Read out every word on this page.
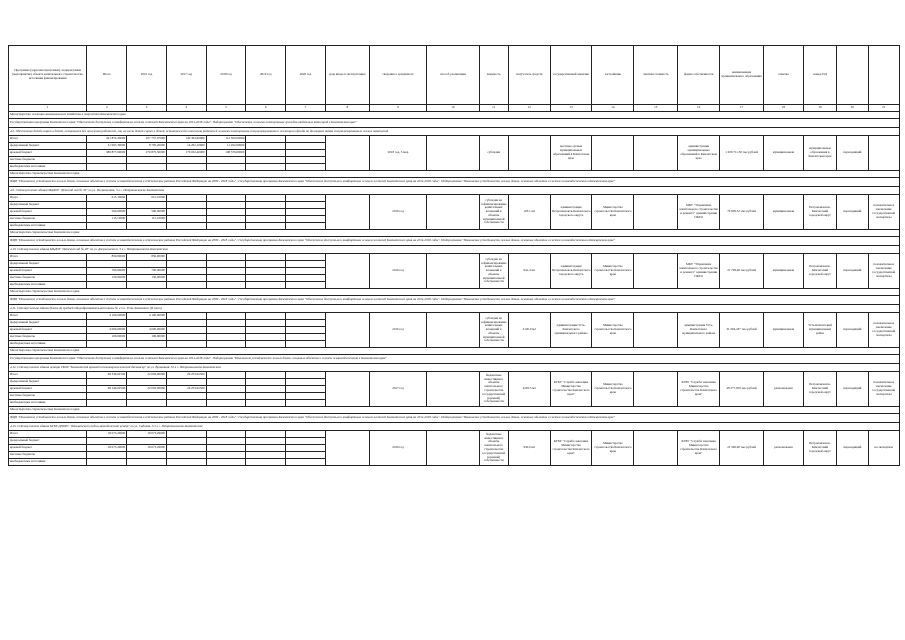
Программа (адресная программа), подпрограмма (мероприятие) объекта капитального строительства, источники финансирования	Итого	2016 год	2017 год	2018 год	2019 год	2020 год	срок ввода в эксплуатацию	сведения о документах	способ реализации	мощность	получатель средств	государственный заказчик	застройщик	сметная стоимость	форма собственности	наименование муниципального образования	отметка	номер ПД		
1	2	3	4	5	6	7	8	9	10	11	12	13	14	15	16	17	18	19	20	21
Министерство жилищно-коммунального хозяйства и энергетики Камчатского края																				
Государственная программа Камчатского края "Обеспечение доступным и комфортным жильем жителей Камчатского края на 2014-2018 годы". Подпрограмма "Обеспечение жилыми помещениями граждан отдельных категорий в Камчатском крае"																				
4.2. Обеспечение детей-сирот и детей, оставшихся без попечения родителей, лиц из числа детей-сирот и детей, оставшихся без попечения родителей жилыми помещениями специализированного жилищного фонда по договорам найма специализированных жилых помещений																				
Итого	421 874,20000	267 757,07000	140 394,60000	112 300,00000				2018 год, 5 мкр		субсидия		местные органы муниципальных образований в Камчатском крае			администрации муниципальных образований в Камчатском крае	1 209 711,50 тыс.рублей	муниципальная	муниципальные образования в Камчатском крае	переходящий	
федеральный бюджет	31 997,30000	8 795,20000	14 202,10000	11 292,00000																
краевой бюджет	389 877,90000	270 875,50000	176 032,40000	108 576,00000																
местные бюджеты																				
внебюджетные источники																				
Министерство строительства Камчатского края																				
ФЦП "Повышение устойчивости жилых домов, основных объектов и систем жизнеобеспечения в сейсмических районах Российской Федерации на 2009 - 2018 годы" / Государственная программа Камчатского края "Обеспечение доступным и комфортным жильем жителей Камчатского края на 2014-2018 годы". Подпрограмма "Повышение устойчивости жилых домов, основных объектов и систем жизнеобеспечения в Камчатском крае"																				
4.9. Сейсмоусиление здания МАДОУ "Детский сад № 32" по ул. Пограничная, 5 в г. Петропавловске-Камчатском																				
Итого	615,10000	615,10000						2016 год		субсидия на софинансирование капитальных вложений в объекты муниципальной собственности	1031, м2	администрация Петропавловск-Камчатского городского округа	Министерство строительства Камчатского края		МКУ "Управление капитального строительства и ремонта" администрации ПКГО	76 909,52 тыс.рублей	муниципальная	Петропавловск-Камчатский городской округ	переходящий	положительное заключение государственной экспертизы
федеральный бюджет																				
краевой бюджет	500,00000	500,00000																		
местные бюджеты	115,10000	115,10000																		
внебюджетные источники																				
Министерство строительства Камчатского края																				
ФЦП "Повышение устойчивости жилых домов, основных объектов и систем жизнеобеспечения в сейсмических районах Российской Федерации на 2009 - 2018 годы" / Государственная программа Камчатского края "Обеспечение доступным и комфортным жильем жителей Камчатского края на 2014-2018 годы". Подпрограмма "Повышение устойчивости жилых домов, основных объектов и систем жизнеобеспечения в Камчатском крае"																				
4.10. Сейсмоусиление здания МАДОУ "Детский сад № 28" по ул. Дзержинского, 5 в г. Петропавловске-Камчатском																				
Итого	850,00000	850,00000						2016 год		субсидия на софинансирование капитальных вложений в объекты муниципальной собственности	941,4 м2	администрация Петропавловск-Камчатского городского округа	Министерство строительства Камчатского края		МКУ "Управление капитального строительства и ремонта" администрации ПКГО	21 799,66 тыс.рублей	муниципальная	Петропавловск-Камчатский городской округ	переходящий	положительное заключение государственной экспертизы
федеральный бюджет																				
краевой бюджет	700,00000	700,00000																		
местные бюджеты	150,00000	150,00000																		
внебюджетные источники																				
Министерство строительства Камчатского края																				
ФЦП "Повышение устойчивости жилых домов, основных объектов и систем жизнеобеспечения в сейсмических районах Российской Федерации на 2009 - 2018 годы" / Государственная программа Камчатского края "Обеспечение доступным и комфортным жильем жителей Камчатского края на 2014-2018 годы". Подпрограмма "Повышение устойчивости жилых домов, основных объектов и систем жизнеобеспечения в Камчатском крае"																				
4.11. Сейсмоусиление здания (блоки А) средней общеобразовательной школы № 2 в п. Усть-Камчатск (II этап)																				
Итого	4 100,00000	4 100,00000						2016 год		субсидия на софинансирование капитальных вложений в объекты муниципальной собственности	2120,0 м2	администрация Усть-Камчатского муниципального района	Министерство строительства Камчатского края		администрация Усть-Камчатского муниципального района	31 264,437 тыс.рублей	муниципальная	Усть-Камчатский муниципальный район	переходящий	положительное заключение государственной экспертизы
федеральный бюджет																				
краевой бюджет	4 000,00000	4 000,00000																		
местные бюджеты	100,00000	100,00000																		
внебюджетные источники																				
Министерство строительства Камчатского края																				
Государственная программа Камчатского края "Обеспечение доступным и комфортным жильем жителей Камчатского края на 2014-2018 годы". Подпрограмма "Повышение устойчивости жилых домов, основных объектов и систем жизнеобеспечения в Камчатском крае"																				
4.12. Сейсмоусиление здания центра ГКОУ "Камчатский краевой психоневрологический диспансер" по ул. Вулканная, 32 в г. Петропавловске-Камчатском																				
Итого	48 346,62500	22 093,00000	26 253,62500					2017 год		бюджетные инвестиции в объекты капитального строительства государственной (краевой) собственности	4293,5 м2	КГБУ "Служба заказчика Министерства строительства Камчатского края"	Министерство строительства Камчатского края		КГБУ "Служба заказчика Министерства строительства Камчатского края"	48 377,059 тыс.рублей	региональная	Петропавловск-Камчатский городской округ	переходящий	положительное заключение государственной экспертизы
федеральный бюджет																				
краевой бюджет	48 346,62500	22 093,00000	26 253,62500																	
местные бюджеты																				
внебюджетные источники																				
Министерство строительства Камчатского края																				
ФЦП "Повышение устойчивости жилых домов, основных объектов и систем жизнеобеспечения в сейсмических районах Российской Федерации на 2009 - 2018 годы" / Государственная программа Камчатского края "Обеспечение доступным и комфортным жильем жителей Камчатского края на 2014-2018 годы". Подпрограмма "Повышение устойчивости жилых домов, основных объектов и систем жизнеобеспечения в Камчатском крае"																				
4.13. Сейсмоусиление здания КГБУ ДПОРС "Камчатский учебно-методический центр" по ул. Садовая, 5/1 в г. Петропавловске-Камчатском																				
Итого	18 073,29000	18 073,29000						2019 год		бюджетные инвестиции в объекты капитального строительства государственной (краевой) собственности	930,6 м2	КГБУ "Служба заказчика Министерства строительства Камчатского края"	Министерство строительства Камчатского края		КГБУ "Служба заказчика Министерства строительства Камчатского края"	21 590,00 тыс.рублей	региональная	Петропавловск-Камчатский городской округ	переходящий	на экспертизе
федеральный бюджет																				
краевой бюджет	18 073,29000	18 073,29000																		
местные бюджеты																				
внебюджетные источники																				
